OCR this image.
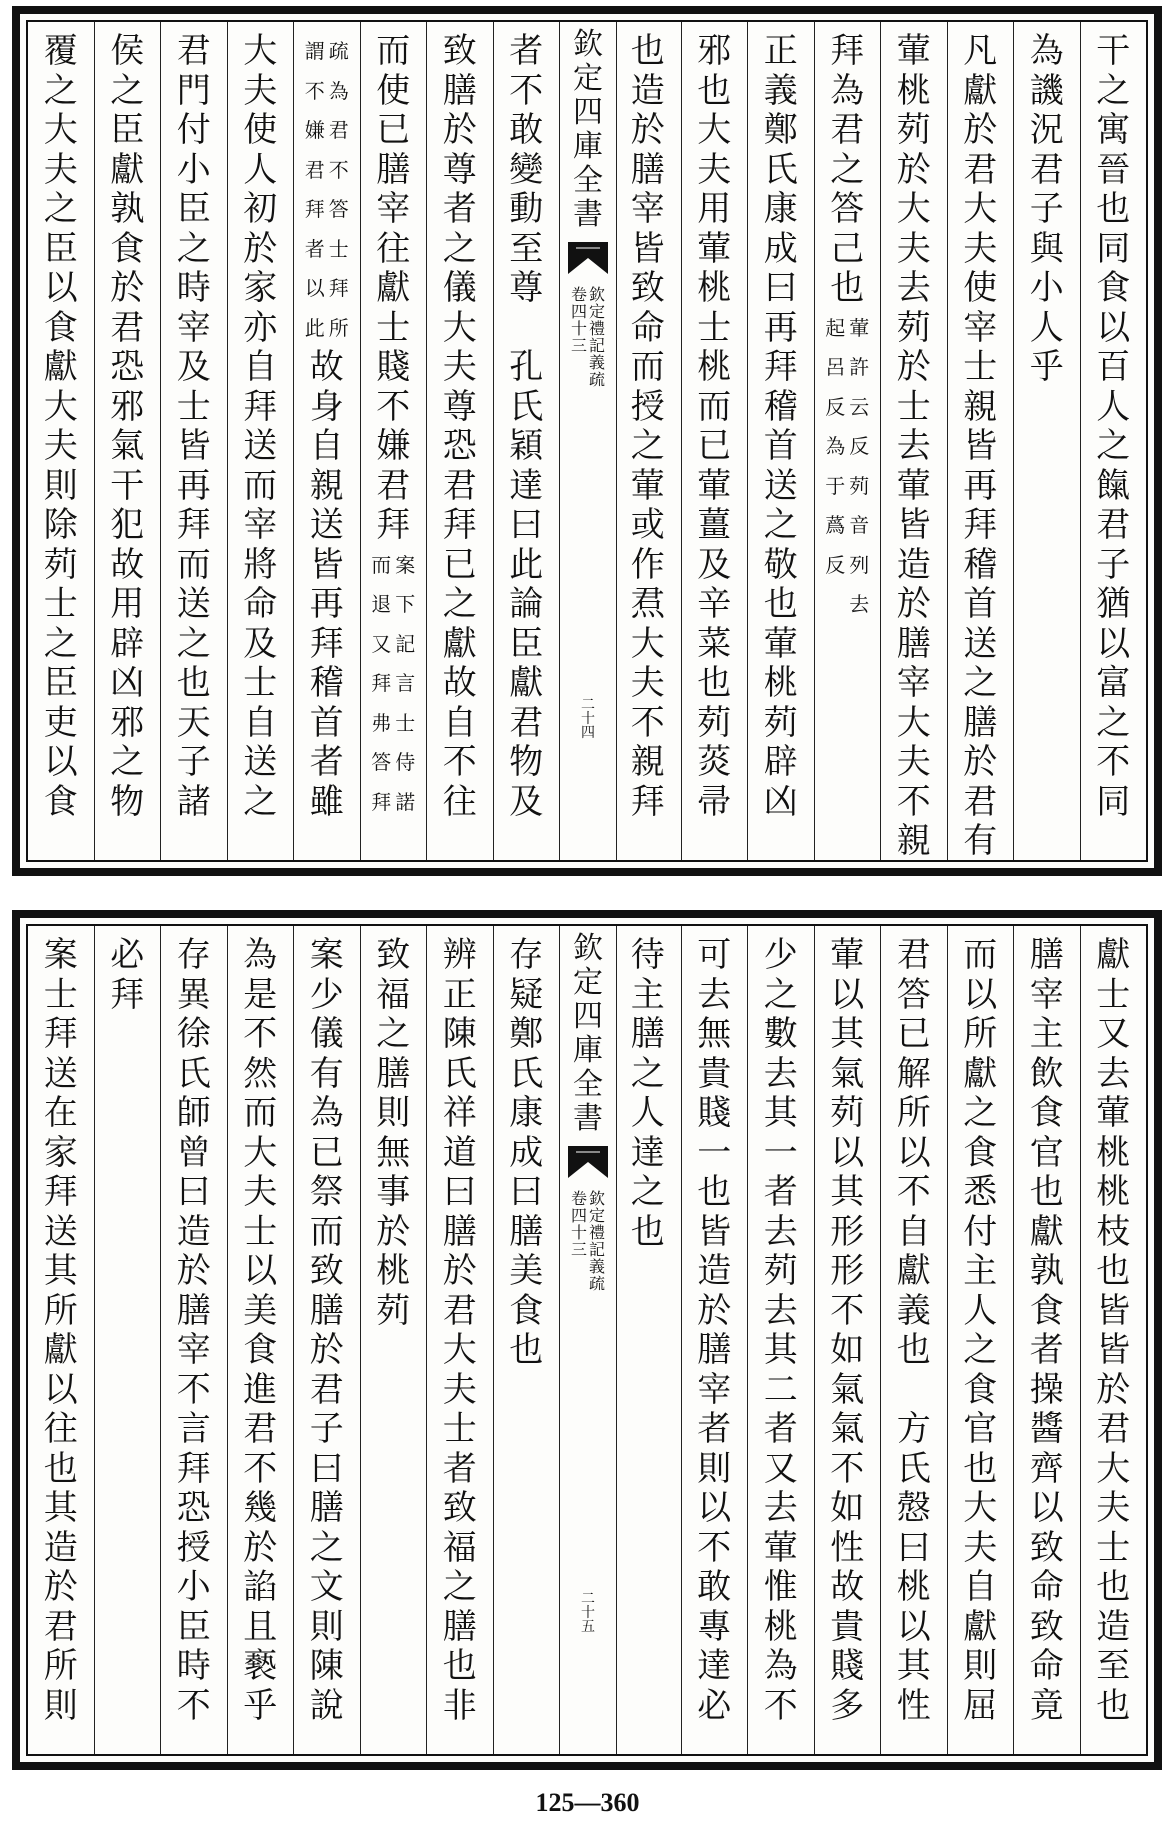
干
之
寓
晉
也
同
食
以
百
人
之
餼
君
子
猶
以
富
之
不
同
為
譏
況
君
子
與
小
人
乎
凡
獻
於
君
大
夫
使
宰
士
親
皆
再
拜
稽
首
送
之
膳
於
君
有
葷
桃
茢
於
大
夫
去
茢
於
士
去
葷
皆
造
於
膳
宰
大
夫
不
親
拜
為
君
之
答
己
也
葷
許
云
反
茢
音
列
去
起
呂
反
為
于
蔿
反
正
義
鄭
氏
康
成
曰
再
拜
稽
首
送
之
敬
也
葷
桃
茢
辟
凶
邪
也
大
夫
用
葷
桃
士
桃
而
已
葷
薑
及
辛
菜
也
茢
菼
帚
也
造
於
膳
宰
皆
致
命
而
授
之
葷
或
作
焄
大
夫
不
親
拜
欽
定
四
庫
全
書
欽
定
禮
記
義
疏
卷
四
十
三
二
十
四
者
不
敢
變
動
至
尊

孔
氏
穎
達
曰
此
論
臣
獻
君
物
及
致
膳
於
尊
者
之
儀
大
夫
尊
恐
君
拜
已
之
獻
故
自
不
往
而
使
已
膳
宰
往
獻
士
賤
不
嫌
君
拜
案
下
記
言
士
侍
諾
而
退
又
拜
弗
答
拜
疏
為
君
不
答
士
拜
所
謂
不
嫌
君
拜
者
以
此
故
身
自
親
送
皆
再
拜
稽
首
者
雖
大
夫
使
人
初
於
家
亦
自
拜
送
而
宰
將
命
及
士
自
送
之
君
門
付
小
臣
之
時
宰
及
士
皆
再
拜
而
送
之
也
天
子
諸
侯
之
臣
獻
孰
食
於
君
恐
邪
氣
干
犯
故
用
辟
凶
邪
之
物
覆
之
大
夫
之
臣
以
食
獻
大
夫
則
除
茢
士
之
臣
吏
以
食
獻
士
又
去
葷
桃
桃
枝
也
皆
皆
於
君
大
夫
士
也
造
至
也
膳
宰
主
飲
食
官
也
獻
孰
食
者
操
醬
齊
以
致
命
致
命
竟
而
以
所
獻
之
食
悉
付
主
人
之
食
官
也
大
夫
自
獻
則
屈
君
答
已
解
所
以
不
自
獻
義
也

方
氏
慤
曰
桃
以
其
性
葷
以
其
氣
茢
以
其
形
形
不
如
氣
氣
不
如
性
故
貴
賤
多
少
之
數
去
其
一
者
去
茢
去
其
二
者
又
去
葷
惟
桃
為
不
可
去
無
貴
賤
一
也
皆
造
於
膳
宰
者
則
以
不
敢
專
達
必
待
主
膳
之
人
達
之
也
欽
定
四
庫
全
書
欽
定
禮
記
義
疏
卷
四
十
三
二
十
五
存
疑
鄭
氏
康
成
曰
膳
美
食
也
辨
正
陳
氏
祥
道
曰
膳
於
君
大
夫
士
者
致
福
之
膳
也
非
致
福
之
膳
則
無
事
於
桃
茢
案
少
儀
有
為
已
祭
而
致
膳
於
君
子
曰
膳
之
文
則
陳
說
為
是
不
然
而
大
夫
士
以
美
食
進
君
不
幾
於
諂
且
褻
乎
存
異
徐
氏
師
曾
曰
造
於
膳
宰
不
言
拜
恐
授
小
臣
時
不
必
拜
案
士
拜
送
在
家
拜
送
其
所
獻
以
往
也
其
造
於
君
所
則
125—360
